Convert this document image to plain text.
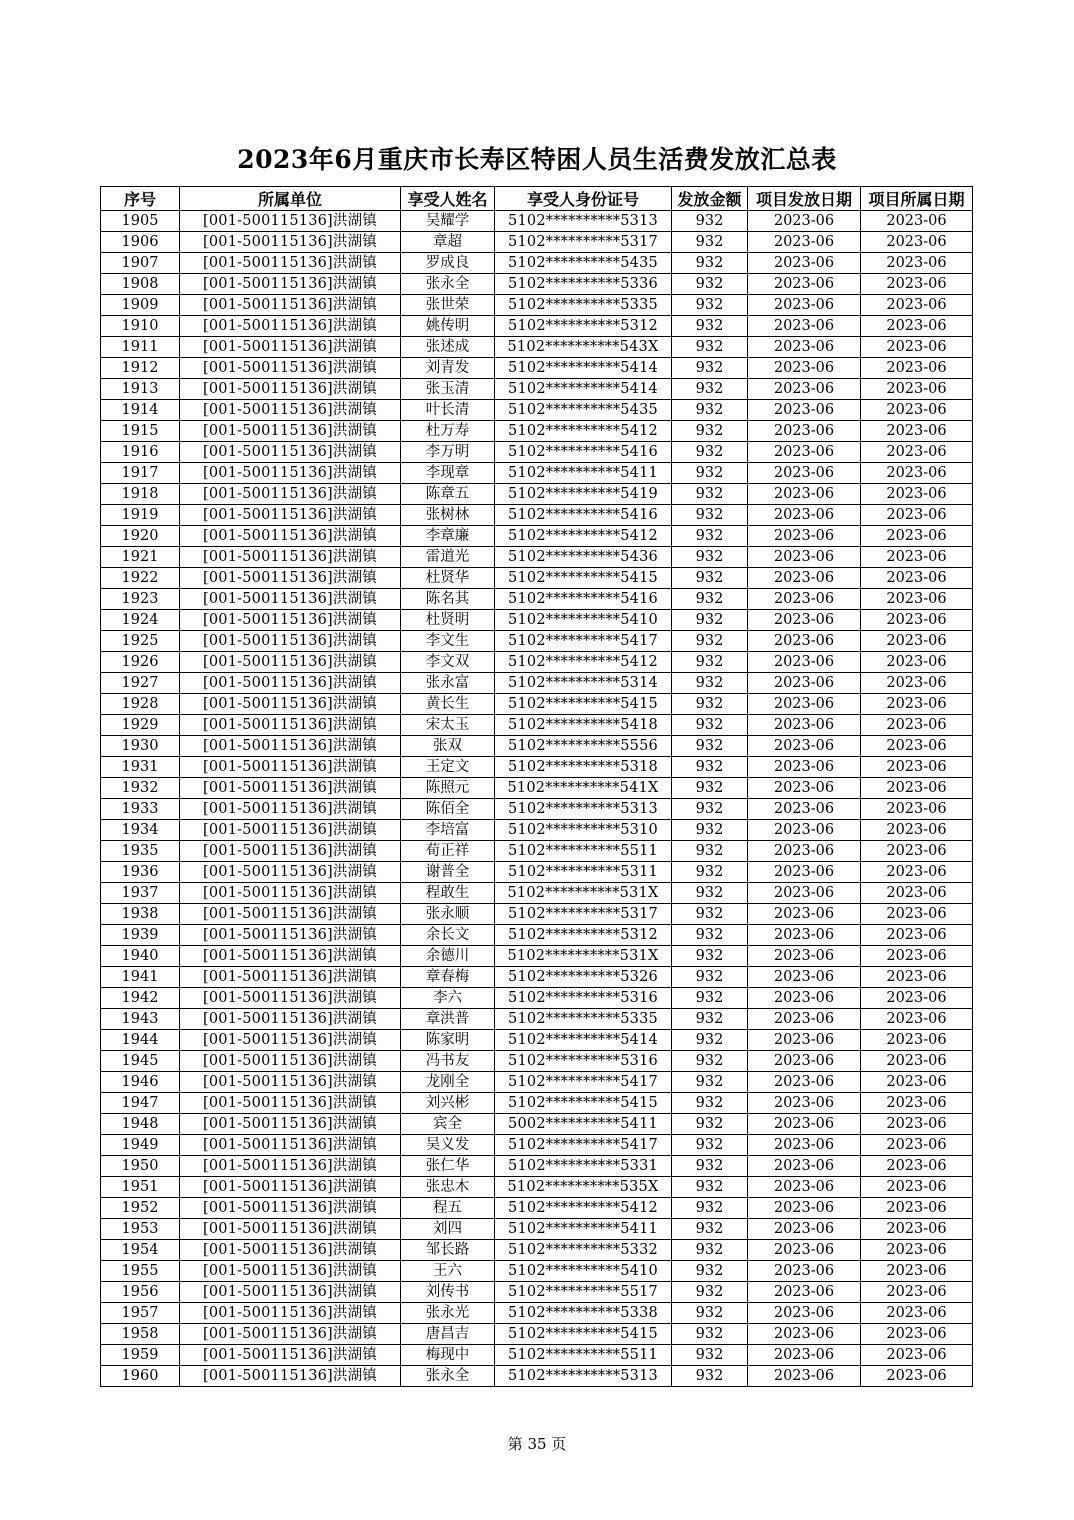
2023年6月重庆市长寿区特困人员生活费发放汇总表
序号	所属单位	享受人姓名	享受人身份证号	发放金额	项目发放日期	项目所属日期
1905	[001-500115136]洪湖镇	吴耀学	5102**********5313	932	2023-06	2023-06
1906	[001-500115136]洪湖镇	章超	5102**********5317	932	2023-06	2023-06
1907	[001-500115136]洪湖镇	罗成良	5102**********5435	932	2023-06	2023-06
1908	[001-500115136]洪湖镇	张永全	5102**********5336	932	2023-06	2023-06
1909	[001-500115136]洪湖镇	张世荣	5102**********5335	932	2023-06	2023-06
1910	[001-500115136]洪湖镇	姚传明	5102**********5312	932	2023-06	2023-06
1911	[001-500115136]洪湖镇	张述成	5102**********543X	932	2023-06	2023-06
1912	[001-500115136]洪湖镇	刘青发	5102**********5414	932	2023-06	2023-06
1913	[001-500115136]洪湖镇	张玉清	5102**********5414	932	2023-06	2023-06
1914	[001-500115136]洪湖镇	叶长清	5102**********5435	932	2023-06	2023-06
1915	[001-500115136]洪湖镇	杜万寿	5102**********5412	932	2023-06	2023-06
1916	[001-500115136]洪湖镇	李万明	5102**********5416	932	2023-06	2023-06
1917	[001-500115136]洪湖镇	李现章	5102**********5411	932	2023-06	2023-06
1918	[001-500115136]洪湖镇	陈章五	5102**********5419	932	2023-06	2023-06
1919	[001-500115136]洪湖镇	张树林	5102**********5416	932	2023-06	2023-06
1920	[001-500115136]洪湖镇	李章廉	5102**********5412	932	2023-06	2023-06
1921	[001-500115136]洪湖镇	雷道光	5102**********5436	932	2023-06	2023-06
1922	[001-500115136]洪湖镇	杜贤华	5102**********5415	932	2023-06	2023-06
1923	[001-500115136]洪湖镇	陈名其	5102**********5416	932	2023-06	2023-06
1924	[001-500115136]洪湖镇	杜贤明	5102**********5410	932	2023-06	2023-06
1925	[001-500115136]洪湖镇	李文生	5102**********5417	932	2023-06	2023-06
1926	[001-500115136]洪湖镇	李文双	5102**********5412	932	2023-06	2023-06
1927	[001-500115136]洪湖镇	张永富	5102**********5314	932	2023-06	2023-06
1928	[001-500115136]洪湖镇	黄长生	5102**********5415	932	2023-06	2023-06
1929	[001-500115136]洪湖镇	宋太玉	5102**********5418	932	2023-06	2023-06
1930	[001-500115136]洪湖镇	张双	5102**********5556	932	2023-06	2023-06
1931	[001-500115136]洪湖镇	王定文	5102**********5318	932	2023-06	2023-06
1932	[001-500115136]洪湖镇	陈照元	5102**********541X	932	2023-06	2023-06
1933	[001-500115136]洪湖镇	陈佰全	5102**********5313	932	2023-06	2023-06
1934	[001-500115136]洪湖镇	李培富	5102**********5310	932	2023-06	2023-06
1935	[001-500115136]洪湖镇	荀正祥	5102**********5511	932	2023-06	2023-06
1936	[001-500115136]洪湖镇	谢普全	5102**********5311	932	2023-06	2023-06
1937	[001-500115136]洪湖镇	程敢生	5102**********531X	932	2023-06	2023-06
1938	[001-500115136]洪湖镇	张永顺	5102**********5317	932	2023-06	2023-06
1939	[001-500115136]洪湖镇	余长文	5102**********5312	932	2023-06	2023-06
1940	[001-500115136]洪湖镇	余德川	5102**********531X	932	2023-06	2023-06
1941	[001-500115136]洪湖镇	章春梅	5102**********5326	932	2023-06	2023-06
1942	[001-500115136]洪湖镇	李六	5102**********5316	932	2023-06	2023-06
1943	[001-500115136]洪湖镇	章洪普	5102**********5335	932	2023-06	2023-06
1944	[001-500115136]洪湖镇	陈家明	5102**********5414	932	2023-06	2023-06
1945	[001-500115136]洪湖镇	冯书友	5102**********5316	932	2023-06	2023-06
1946	[001-500115136]洪湖镇	龙刚全	5102**********5417	932	2023-06	2023-06
1947	[001-500115136]洪湖镇	刘兴彬	5102**********5415	932	2023-06	2023-06
1948	[001-500115136]洪湖镇	宾全	5002**********5411	932	2023-06	2023-06
1949	[001-500115136]洪湖镇	吴义发	5102**********5417	932	2023-06	2023-06
1950	[001-500115136]洪湖镇	张仁华	5102**********5331	932	2023-06	2023-06
1951	[001-500115136]洪湖镇	张忠木	5102**********535X	932	2023-06	2023-06
1952	[001-500115136]洪湖镇	程五	5102**********5412	932	2023-06	2023-06
1953	[001-500115136]洪湖镇	刘四	5102**********5411	932	2023-06	2023-06
1954	[001-500115136]洪湖镇	邹长路	5102**********5332	932	2023-06	2023-06
1955	[001-500115136]洪湖镇	王六	5102**********5410	932	2023-06	2023-06
1956	[001-500115136]洪湖镇	刘传书	5102**********5517	932	2023-06	2023-06
1957	[001-500115136]洪湖镇	张永光	5102**********5338	932	2023-06	2023-06
1958	[001-500115136]洪湖镇	唐昌吉	5102**********5415	932	2023-06	2023-06
1959	[001-500115136]洪湖镇	梅现中	5102**********5511	932	2023-06	2023-06
1960	[001-500115136]洪湖镇	张永全	5102**********5313	932	2023-06	2023-06
第 35 页
